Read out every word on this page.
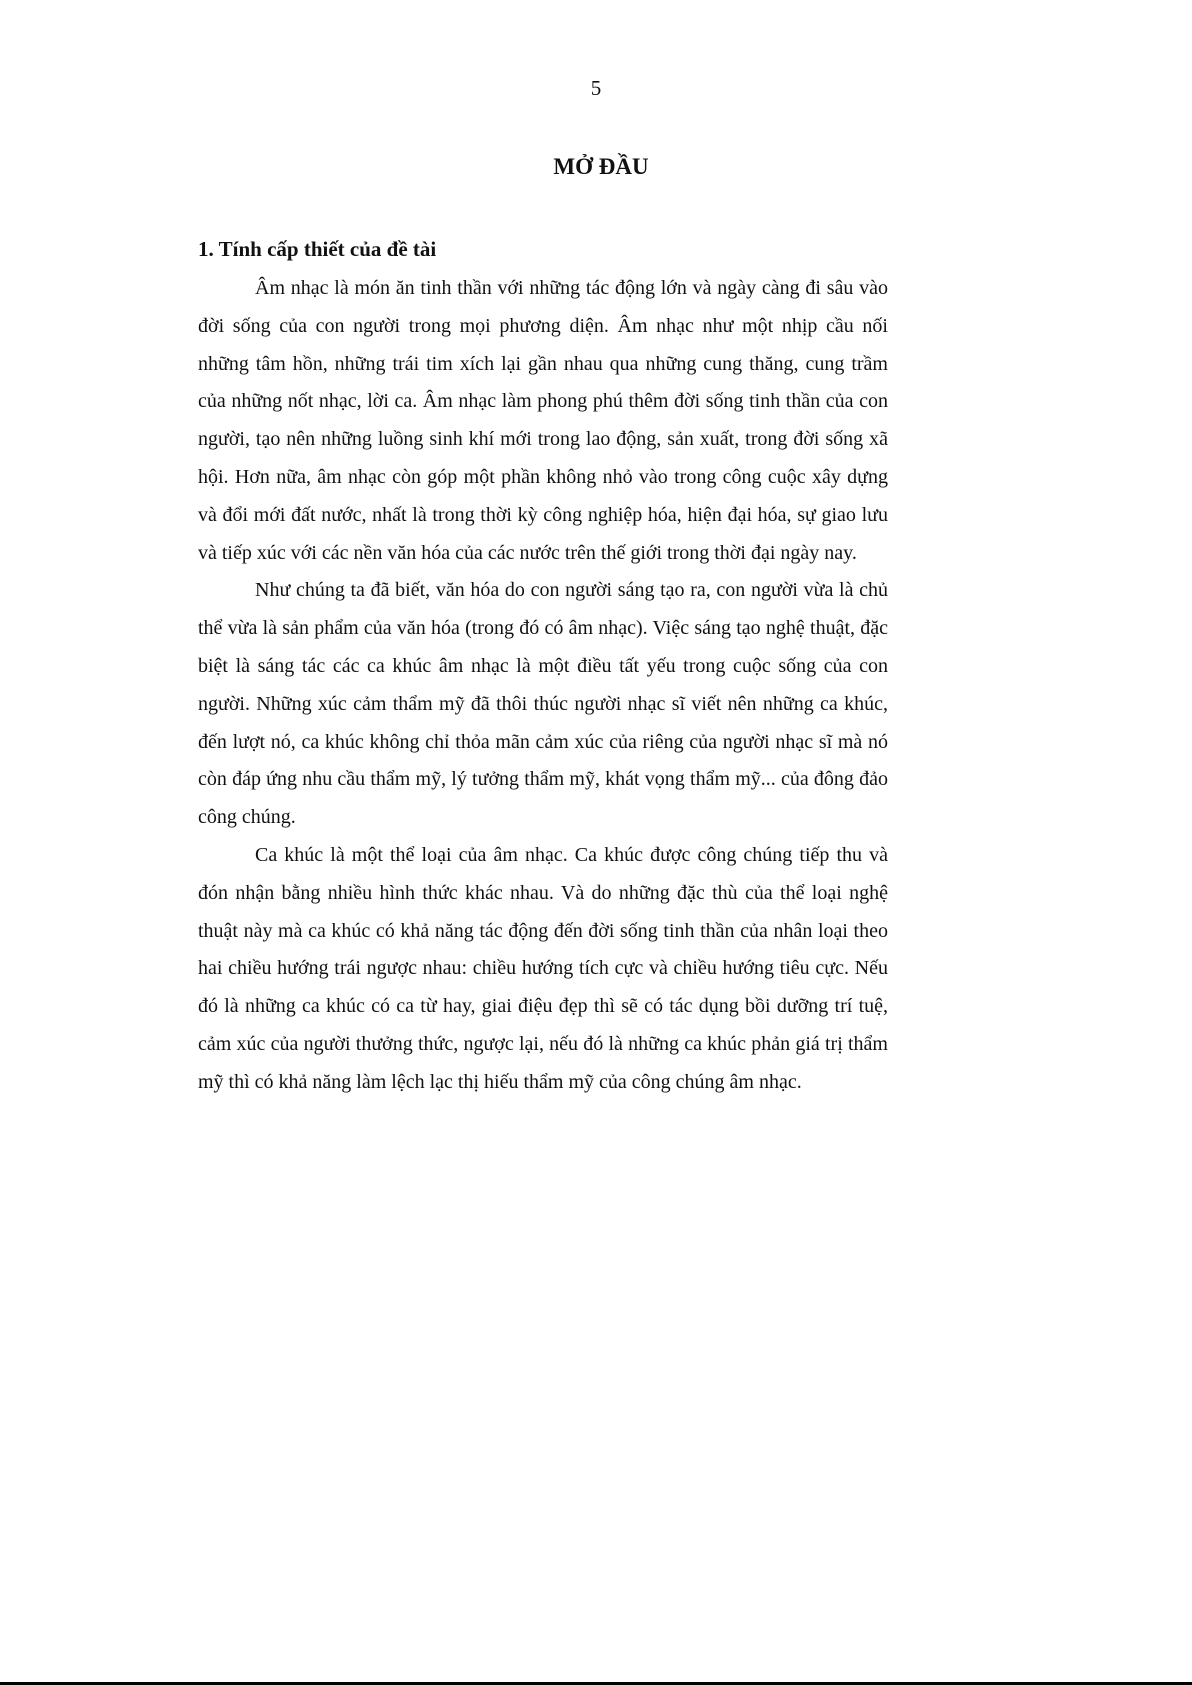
5
MỞ ĐẦU
1. Tính cấp thiết của đề tài

Âm nhạc là món ăn tinh thần với những tác động lớn và ngày càng đi sâu vào đời sống của con người trong mọi phương diện. Âm nhạc như một nhịp cầu nối những tâm hồn, những trái tim xích lại gần nhau qua những cung thăng, cung trầm của những nốt nhạc, lời ca. Âm nhạc làm phong phú thêm đời sống tinh thần của con người, tạo nên những luồng sinh khí mới trong lao động, sản xuất, trong đời sống xã hội. Hơn nữa, âm nhạc còn góp một phần không nhỏ vào trong công cuộc xây dựng và đổi mới đất nước, nhất là trong thời kỳ công nghiệp hóa, hiện đại hóa, sự giao lưu và tiếp xúc với các nền văn hóa của các nước trên thế giới trong thời đại ngày nay.

Như chúng ta đã biết, văn hóa do con người sáng tạo ra, con người vừa là chủ thể vừa là sản phẩm của văn hóa (trong đó có âm nhạc). Việc sáng tạo nghệ thuật, đặc biệt là sáng tác các ca khúc âm nhạc là một điều tất yếu trong cuộc sống của con người. Những xúc cảm thẩm mỹ đã thôi thúc người nhạc sĩ viết nên những ca khúc, đến lượt nó, ca khúc không chỉ thỏa mãn cảm xúc của riêng của người nhạc sĩ mà nó còn đáp ứng nhu cầu thẩm mỹ, lý tưởng thẩm mỹ, khát vọng thẩm mỹ... của đông đảo công chúng.

Ca khúc là một thể loại của âm nhạc. Ca khúc được công chúng tiếp thu và đón nhận bằng nhiều hình thức khác nhau. Và do những đặc thù của thể loại nghệ thuật này mà ca khúc có khả năng tác động đến đời sống tinh thần của nhân loại theo hai chiều hướng trái ngược nhau: chiều hướng tích cực và chiều hướng tiêu cực. Nếu đó là những ca khúc có ca từ hay, giai điệu đẹp thì sẽ có tác dụng bồi dưỡng trí tuệ, cảm xúc của người thưởng thức, ngược lại, nếu đó là những ca khúc phản giá trị thẩm mỹ thì có khả năng làm lệch lạc thị hiếu thẩm mỹ của công chúng âm nhạc.
